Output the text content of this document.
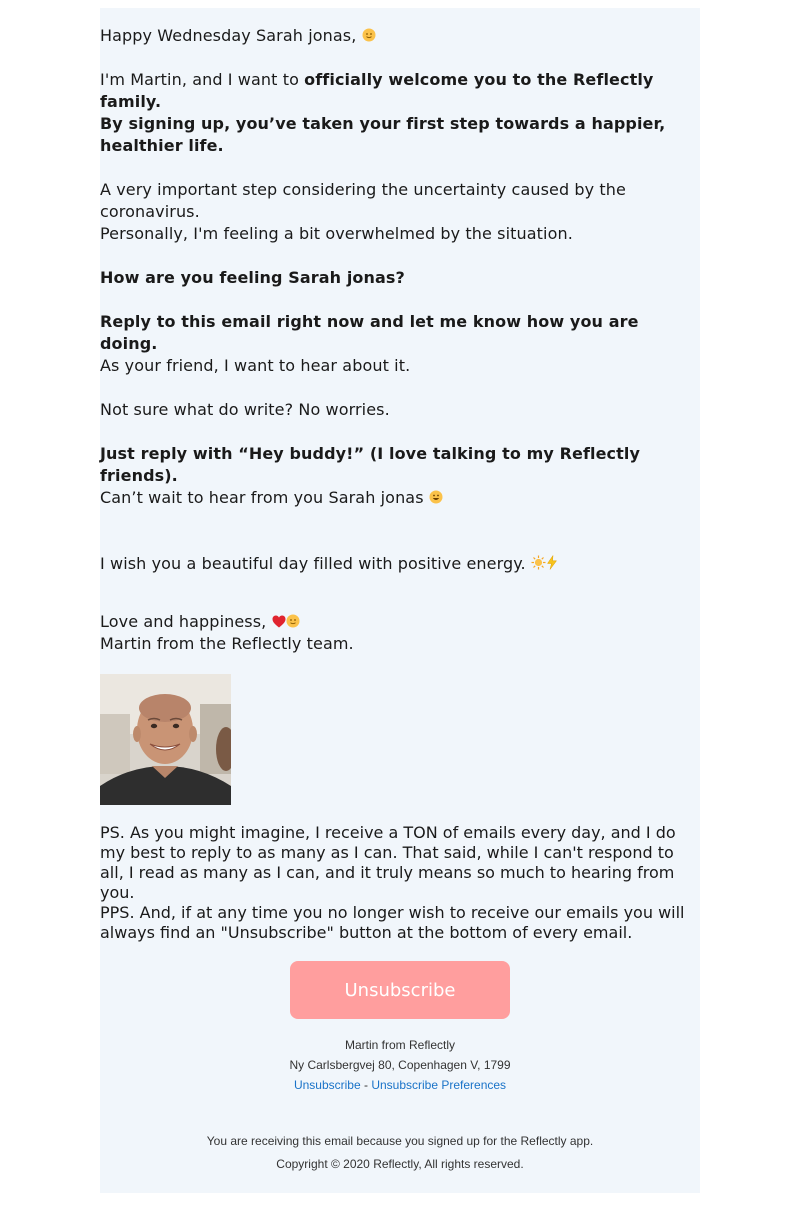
Happy Wednesday Sarah jonas,

I'm Martin, and I want to officially welcome you to the Reflectly family.

By signing up, you’ve taken your first step towards a happier,
healthier life.

A very important step considering the uncertainty caused by the coronavirus.

Personally, I'm feeling a bit overwhelmed by the situation.

How are you feeling Sarah jonas?

Reply to this email right now and let me know how you are doing.

As your friend, I want to hear about it.

Not sure what do write? No worries.

Just reply with “Hey buddy!” (I love talking to my Reflectly friends).

Can’t wait to hear from you Sarah jonas

I wish you a beautiful day filled with positive energy.

Love and happiness,

Martin from the Reflectly team.

PS. As you might imagine, I receive a TON of emails every day, and I do my best to reply to as many as I can. That said, while I can't respond to all, I read as many as I can, and it truly means so much to hearing from you.

PPS. And, if at any time you no longer wish to receive our emails you will always find an "Unsubscribe" button at the bottom of every email.

Unsubscribe
Martin from Reflectly
Ny Carlsbergvej 80, Copenhagen V, 1799
Unsubscribe - Unsubscribe Preferences
You are receiving this email because you signed up for the Reflectly app.
Copyright © 2020 Reflectly, All rights reserved.
